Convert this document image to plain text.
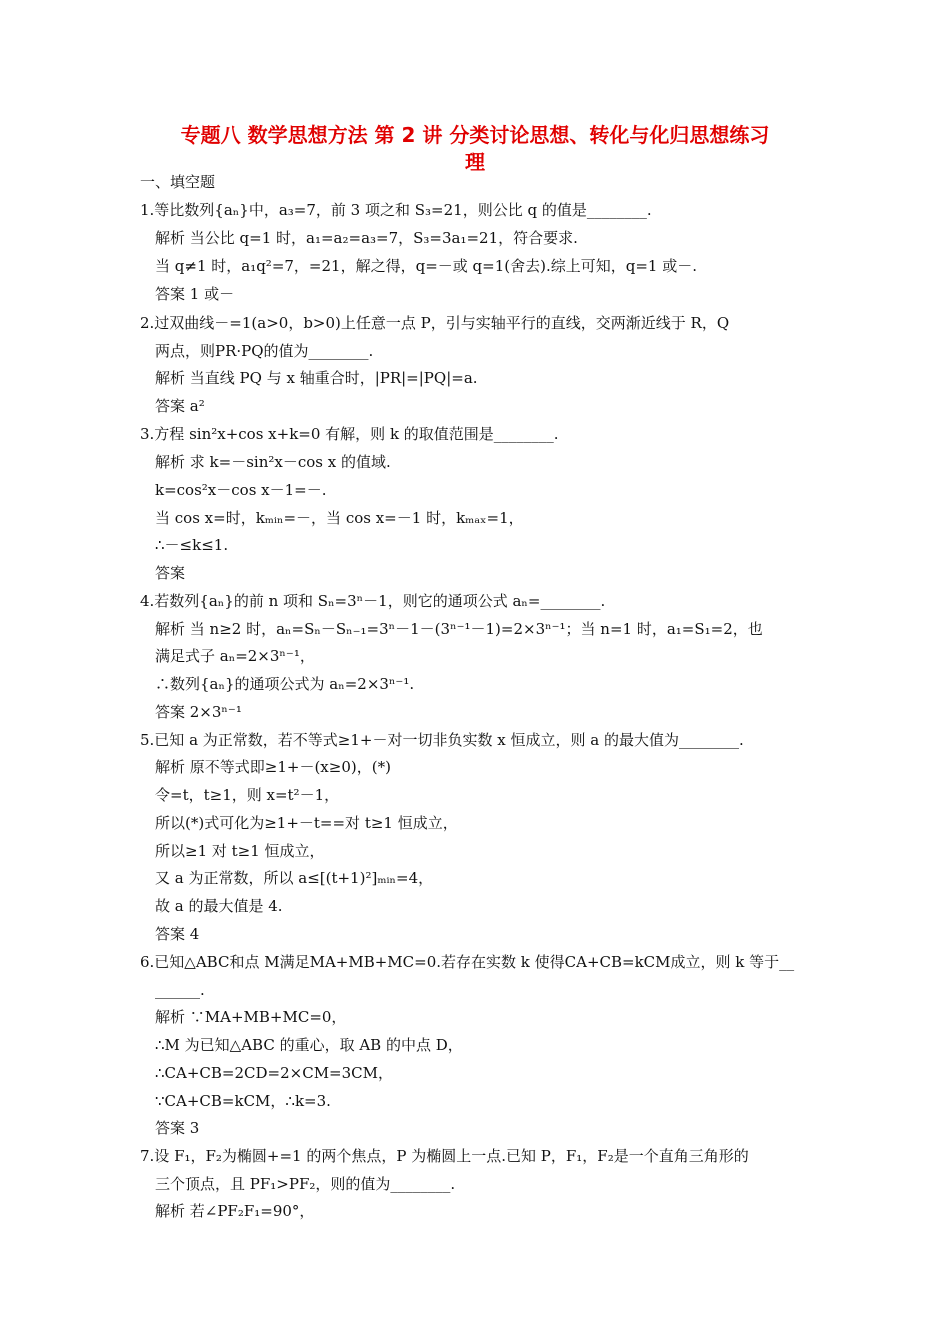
专题八 数学思想方法 第 2 讲 分类讨论思想、转化与化归思想练习
理
一、填空题
1.等比数列{aₙ}中，a₃=7，前 3 项之和 S₃=21，则公比 q 的值是________.
解析 当公比 q=1 时，a₁=a₂=a₃=7，S₃=3a₁=21，符合要求.
当 q≠1 时，a₁q²=7，=21，解之得，q=－或 q=1(舍去).综上可知，q=1 或－.
答案 1 或－
2.过双曲线－=1(a>0，b>0)上任意一点 P，引与实轴平行的直线，交两渐近线于 R，Q
两点，则PR·PQ的值为________.
解析 当直线 PQ 与 x 轴重合时，|PR|=|PQ|=a.
答案 a²
3.方程 sin²x+cos x+k=0 有解，则 k 的取值范围是________.
解析 求 k=－sin²x－cos x 的值域.
k=cos²x－cos x－1=－.
当 cos x=时，kₘᵢₙ=－，当 cos x=－1 时，kₘₐₓ=1，
∴－≤k≤1.
答案
4.若数列{aₙ}的前 n 项和 Sₙ=3ⁿ－1，则它的通项公式 aₙ=________.
解析 当 n≥2 时，aₙ=Sₙ－Sₙ₋₁=3ⁿ－1－(3ⁿ⁻¹－1)=2×3ⁿ⁻¹；当 n=1 时，a₁=S₁=2，也
满足式子 aₙ=2×3ⁿ⁻¹，
∴数列{aₙ}的通项公式为 aₙ=2×3ⁿ⁻¹.
答案 2×3ⁿ⁻¹
5.已知 a 为正常数，若不等式≥1+－对一切非负实数 x 恒成立，则 a 的最大值为________.
解析 原不等式即≥1+－(x≥0)，(*)
令=t，t≥1，则 x=t²－1，
所以(*)式可化为≥1+－t==对 t≥1 恒成立，
所以≥1 对 t≥1 恒成立，
又 a 为正常数，所以 a≤[(t+1)²]ₘᵢₙ=4，
故 a 的最大值是 4.
答案 4
6.已知△ABC和点 M满足MA+MB+MC=0.若存在实数 k 使得CA+CB=kCM成立，则 k 等于__
______.
解析 ∵MA+MB+MC=0，
∴M 为已知△ABC 的重心，取 AB 的中点 D，
∴CA+CB=2CD=2×CM=3CM，
∵CA+CB=kCM，∴k=3.
答案 3
7.设 F₁，F₂为椭圆+=1 的两个焦点，P 为椭圆上一点.已知 P，F₁，F₂是一个直角三角形的
三个顶点，且 PF₁>PF₂，则的值为________.
解析 若∠PF₂F₁=90°，
